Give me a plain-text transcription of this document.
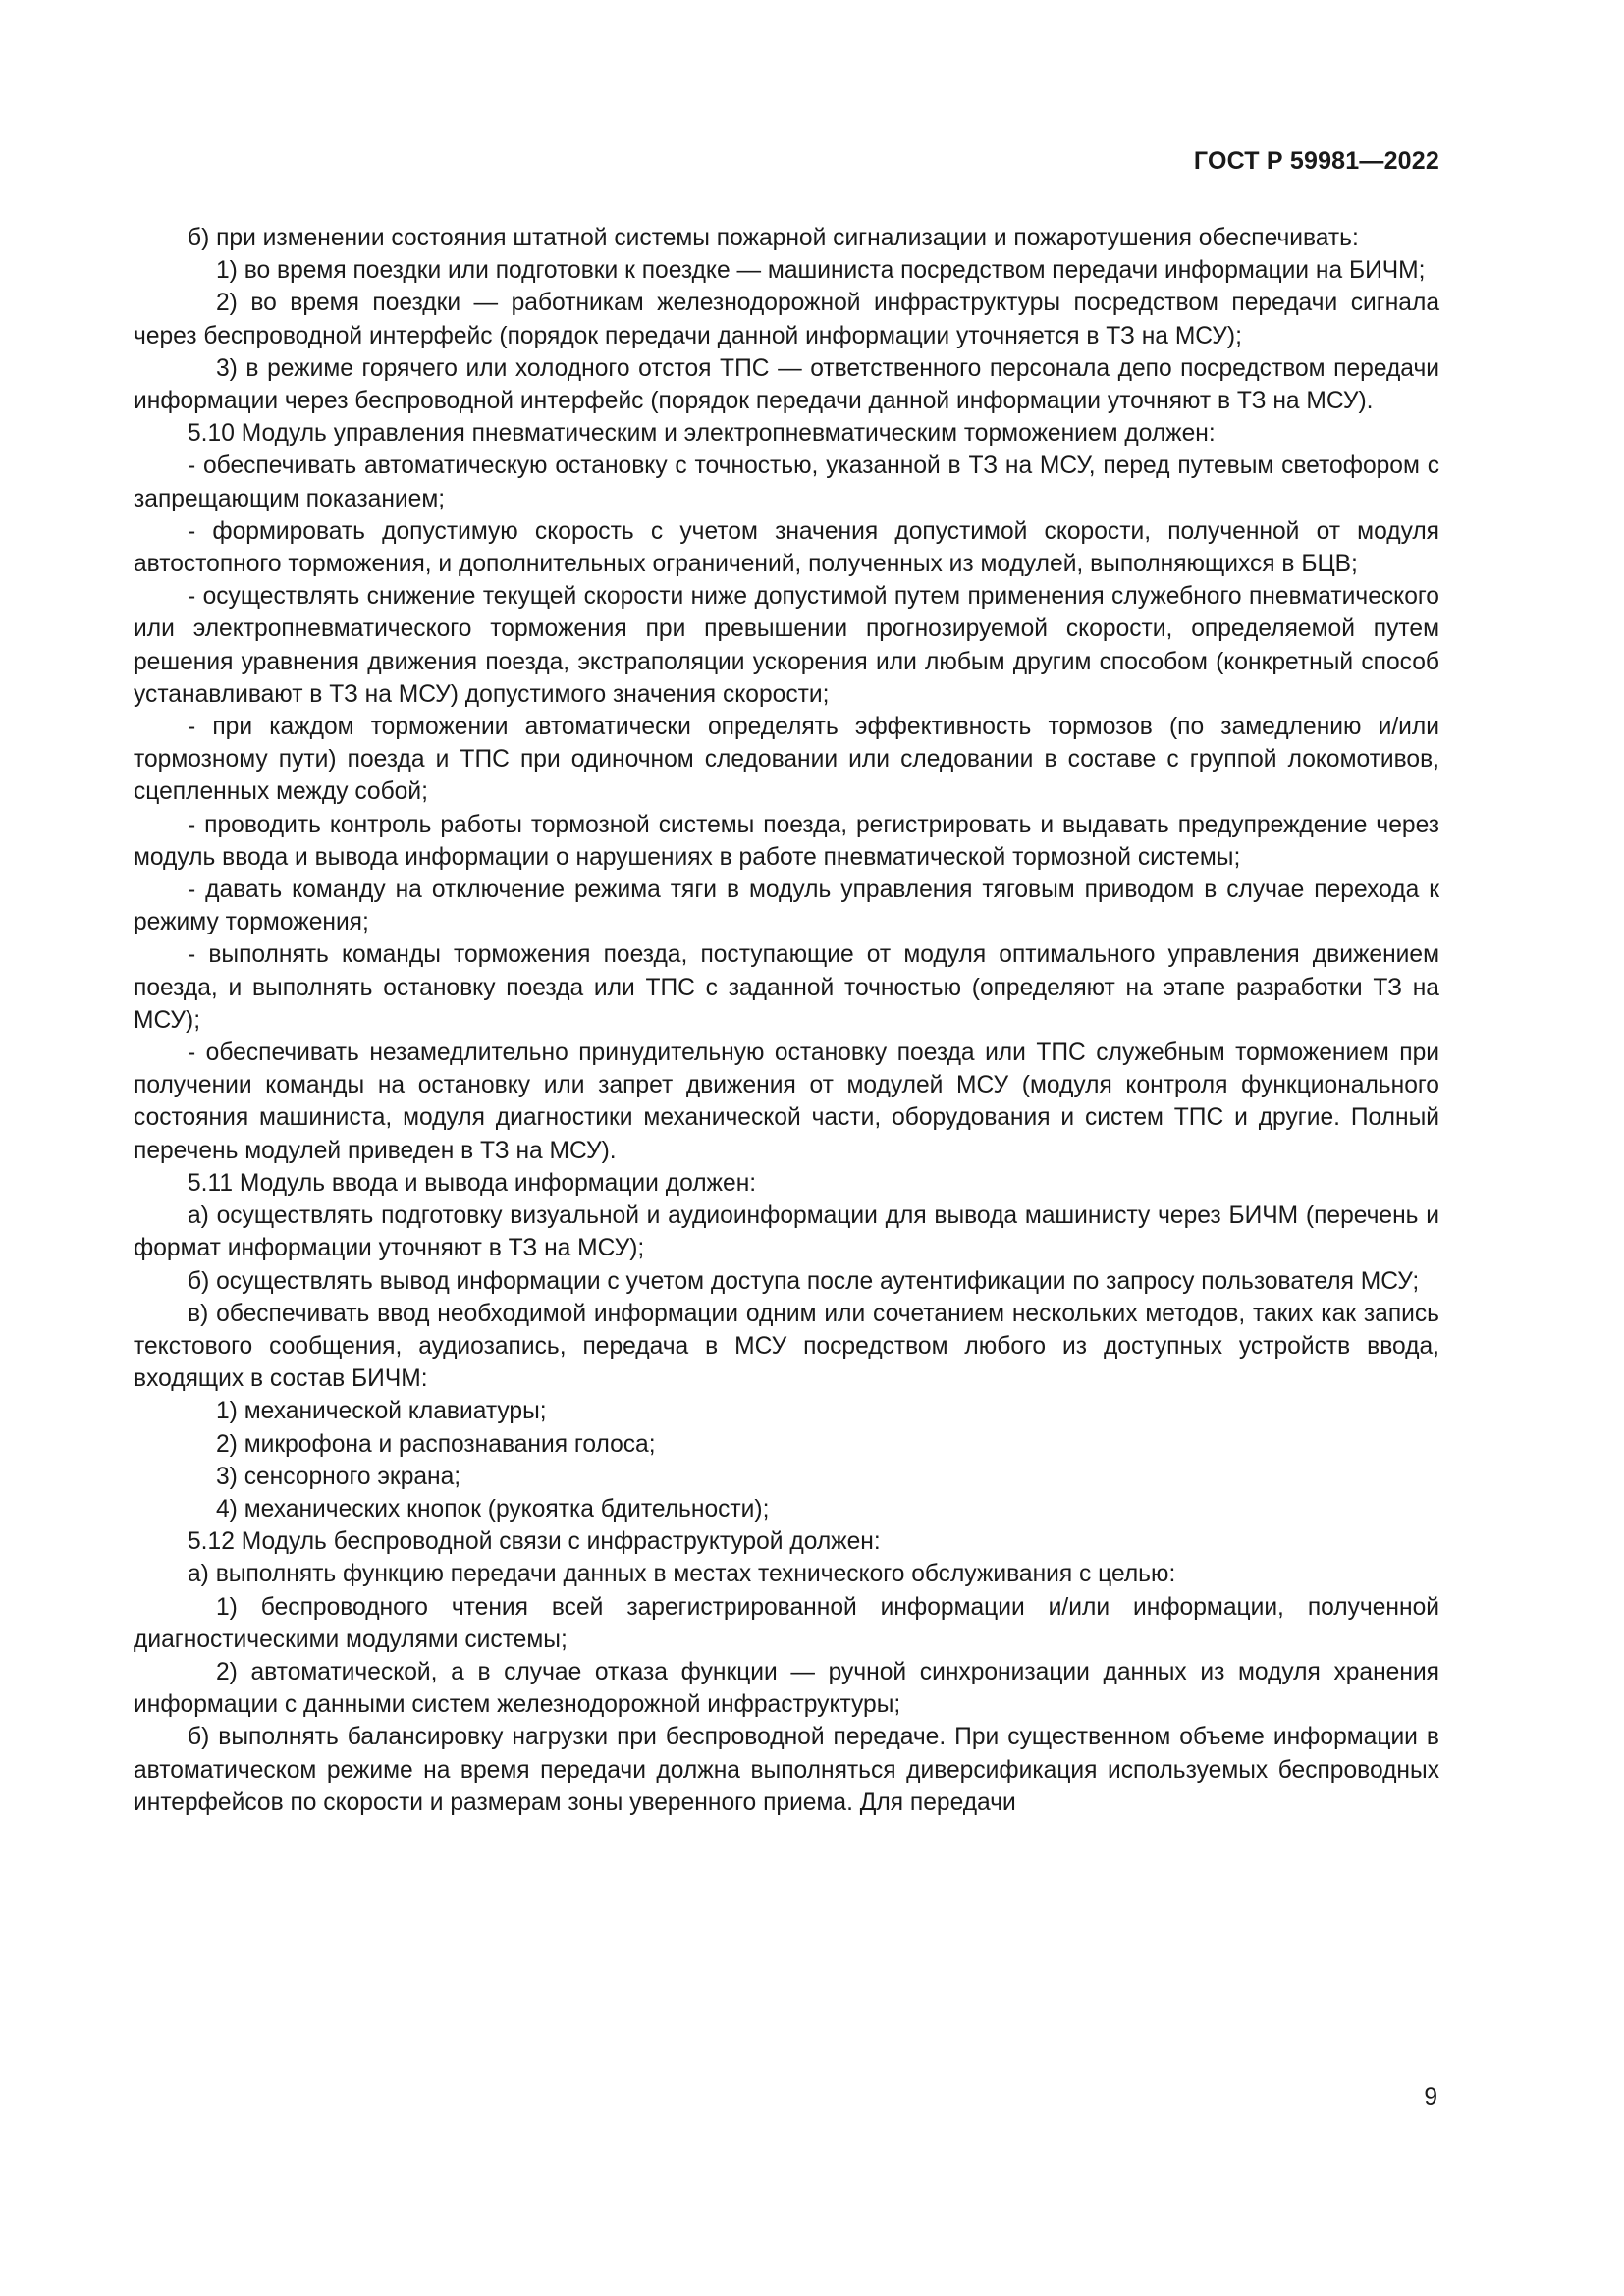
ГОСТ Р 59981—2022

б) при изменении состояния штатной системы пожарной сигнализации и пожаротушения обеспечивать:

1) во время поездки или подготовки к поездке — машиниста посредством передачи информации на БИЧМ;

2) во время поездки — работникам железнодорожной инфраструктуры посредством передачи сигнала через беспроводной интерфейс (порядок передачи данной информации уточняется в ТЗ на МСУ);

3) в режиме горячего или холодного отстоя ТПС — ответственного персонала депо посредством передачи информации через беспроводной интерфейс (порядок передачи данной информации уточняют в ТЗ на МСУ).

5.10 Модуль управления пневматическим и электропневматическим торможением должен:

- обеспечивать автоматическую остановку с точностью, указанной в ТЗ на МСУ, перед путевым светофором с запрещающим показанием;

- формировать допустимую скорость с учетом значения допустимой скорости, полученной от модуля автостопного торможения, и дополнительных ограничений, полученных из модулей, выполняющихся в БЦВ;

- осуществлять снижение текущей скорости ниже допустимой путем применения служебного пневматического или электропневматического торможения при превышении прогнозируемой скорости, определяемой путем решения уравнения движения поезда, экстраполяции ускорения или любым другим способом (конкретный способ устанавливают в ТЗ на МСУ) допустимого значения скорости;

- при каждом торможении автоматически определять эффективность тормозов (по замедлению и/или тормозному пути) поезда и ТПС при одиночном следовании или следовании в составе с группой локомотивов, сцепленных между собой;

- проводить контроль работы тормозной системы поезда, регистрировать и выдавать предупреждение через модуль ввода и вывода информации о нарушениях в работе пневматической тормозной системы;

- давать команду на отключение режима тяги в модуль управления тяговым приводом в случае перехода к режиму торможения;

- выполнять команды торможения поезда, поступающие от модуля оптимального управления движением поезда, и выполнять остановку поезда или ТПС с заданной точностью (определяют на этапе разработки ТЗ на МСУ);

- обеспечивать незамедлительно принудительную остановку поезда или ТПС служебным торможением при получении команды на остановку или запрет движения от модулей МСУ (модуля контроля функционального состояния машиниста, модуля диагностики механической части, оборудования и систем ТПС и другие. Полный перечень модулей приведен в ТЗ на МСУ).

5.11 Модуль ввода и вывода информации должен:

а) осуществлять подготовку визуальной и аудиоинформации для вывода машинисту через БИЧМ (перечень и формат информации уточняют в ТЗ на МСУ);

б) осуществлять вывод информации с учетом доступа после аутентификации по запросу пользователя МСУ;

в) обеспечивать ввод необходимой информации одним или сочетанием нескольких методов, таких как запись текстового сообщения, аудиозапись, передача в МСУ посредством любого из доступных устройств ввода, входящих в состав БИЧМ:

1) механической клавиатуры;

2) микрофона и распознавания голоса;

3) сенсорного экрана;

4) механических кнопок (рукоятка бдительности);

5.12 Модуль беспроводной связи с инфраструктурой должен:

а) выполнять функцию передачи данных в местах технического обслуживания с целью:

1) беспроводного чтения всей зарегистрированной информации и/или информации, полученной диагностическими модулями системы;

2) автоматической, а в случае отказа функции — ручной синхронизации данных из модуля хранения информации с данными систем железнодорожной инфраструктуры;

б) выполнять балансировку нагрузки при беспроводной передаче. При существенном объеме информации в автоматическом режиме на время передачи должна выполняться диверсификация используемых беспроводных интерфейсов по скорости и размерам зоны уверенного приема. Для передачи

9
